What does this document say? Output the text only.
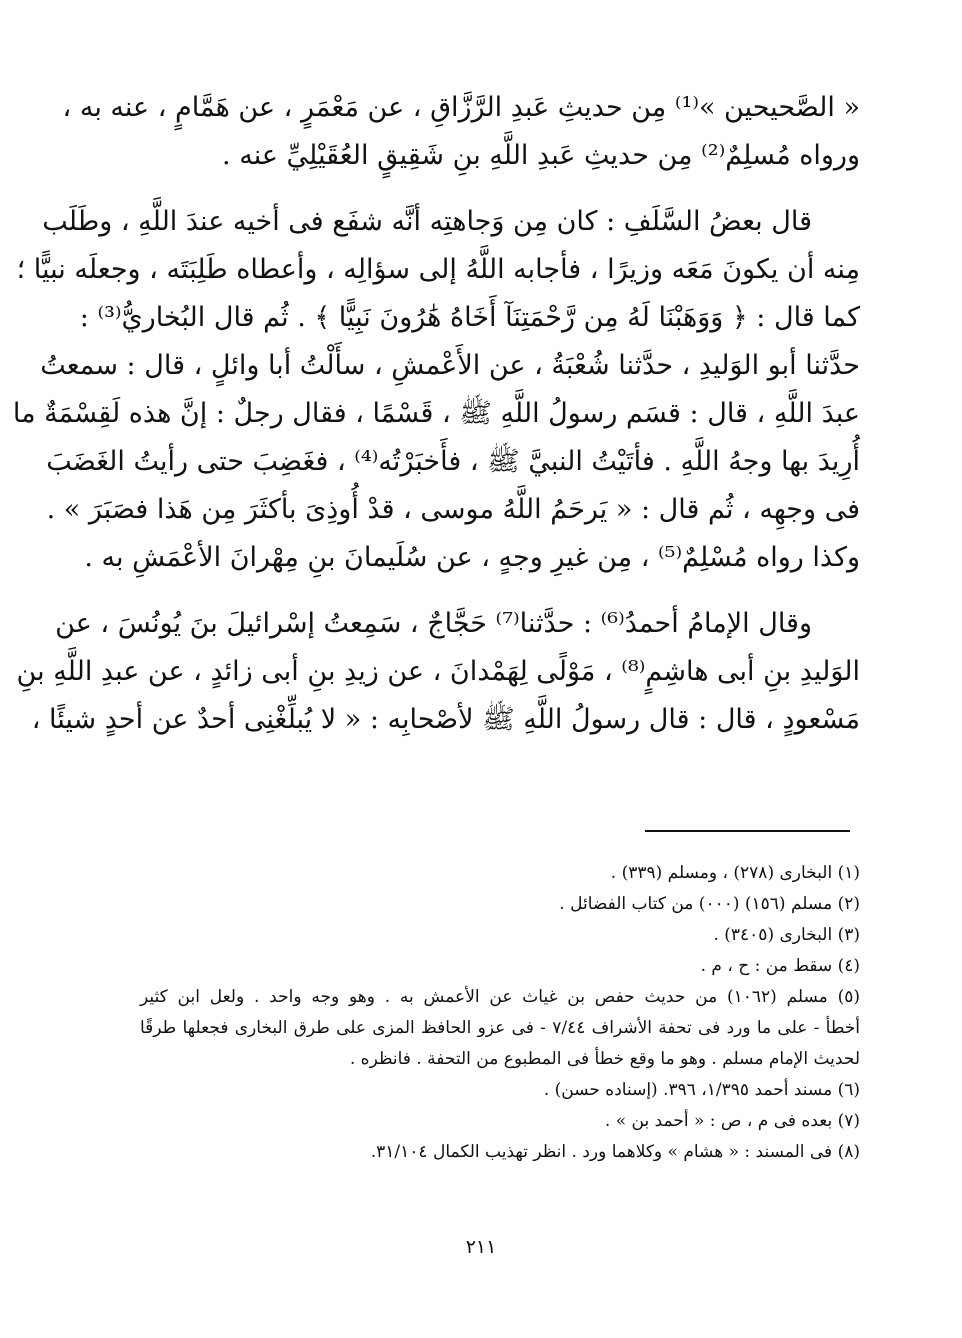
« الصَّحيحين »⁽¹⁾ مِن حديثِ عَبدِ الرَّزَّاقِ ، عن مَعْمَرٍ ، عن هَمَّامٍ ، عنه به ،
ورواه مُسلِمٌ⁽²⁾ مِن حديثِ عَبدِ اللَّهِ بنِ شَقِيقٍ العُقَيْلِيِّ عنه .

قال بعضُ السَّلَفِ : كان مِن وَجاهتِه أنَّه شفَع فى أخيه عندَ اللَّهِ ، وطَلَب
مِنه أن يكونَ مَعَه وزيرًا ، فأجابه اللَّهُ إلى سؤالِه ، وأعطاه طَلِبَتَه ، وجعلَه نبيًّا ؛
كما قال : ﴿ وَوَهَبْنَا لَهُ مِن رَّحْمَتِنَآ أَخَاهُ هَٰرُونَ نَبِيًّا ﴾ . ثُم قال البُخاريُّ⁽³⁾ :
حدَّثنا أبو الوَليدِ ، حدَّثنا شُعْبَةُ ، عن الأَعْمشِ ، سأَلْتُ أبا وائلٍ ، قال : سمعتُ
عبدَ اللَّهِ ، قال : قسَم رسولُ اللَّهِ ﷺ ، قَسْمًا ، فقال رجلٌ : إنَّ هذه لَقِسْمَةٌ ما
أُرِيدَ بها وجهُ اللَّهِ . فأتَيْتُ النبيَّ ﷺ ، فأَخبَرْتُه⁽⁴⁾ ، فغَضِبَ حتى رأيتُ الغَضَبَ
فى وجهِه ، ثُم قال : « يَرحَمُ اللَّهُ موسى ، قدْ أُوذِىَ بأكثَرَ مِن هَذا فصَبَرَ » .
وكذا رواه مُسْلِمٌ⁽⁵⁾ ، مِن غيرِ وجهٍ ، عن سُلَيمانَ بنِ مِهْرانَ الأعْمَشِ به .

وقال الإمامُ أحمدُ⁽⁶⁾ : حدَّثنا⁽⁷⁾ حَجَّاجٌ ، سَمِعتُ إسْرائيلَ بنَ يُونُسَ ، عن
الوَليدِ بنِ أبى هاشِمٍ⁽⁸⁾ ، مَوْلًى لِهَمْدانَ ، عن زيدِ بنِ أبى زائدٍ ، عن عبدِ اللَّهِ بنِ
مَسْعودٍ ، قال : قال رسولُ اللَّهِ ﷺ لأصْحابِه : « لا يُبلِّغْنِى أحدٌ عن أحدٍ شيئًا ،

(١) البخارى (٢٧٨) ، ومسلم (٣٣٩) .
(٢) مسلم (١٥٦) (٠٠٠) من كتاب الفضائل .
(٣) البخارى (٣٤٠٥) .
(٤) سقط من : ح ، م .
(٥) مسلم (١٠٦٢) من حديث حفص بن غياث عن الأعمش به . وهو وجه واحد . ولعل ابن كثير
أخطأ - على ما ورد فى تحفة الأشراف ٧/٤٤ - فى عزو الحافظ المزى على طرق البخارى فجعلها طرقًا
لحديث الإمام مسلم . وهو ما وقع خطأ فى المطبوع من التحفة . فانظره .
(٦) مسند أحمد ١/٣٩٥، ٣٩٦. (إسناده حسن) .
(٧) بعده فى م ، ص : « أحمد بن » .
(٨) فى المسند : « هشام » وكلاهما ورد . انظر تهذيب الكمال ٣١/١٠٤.
٢١١
